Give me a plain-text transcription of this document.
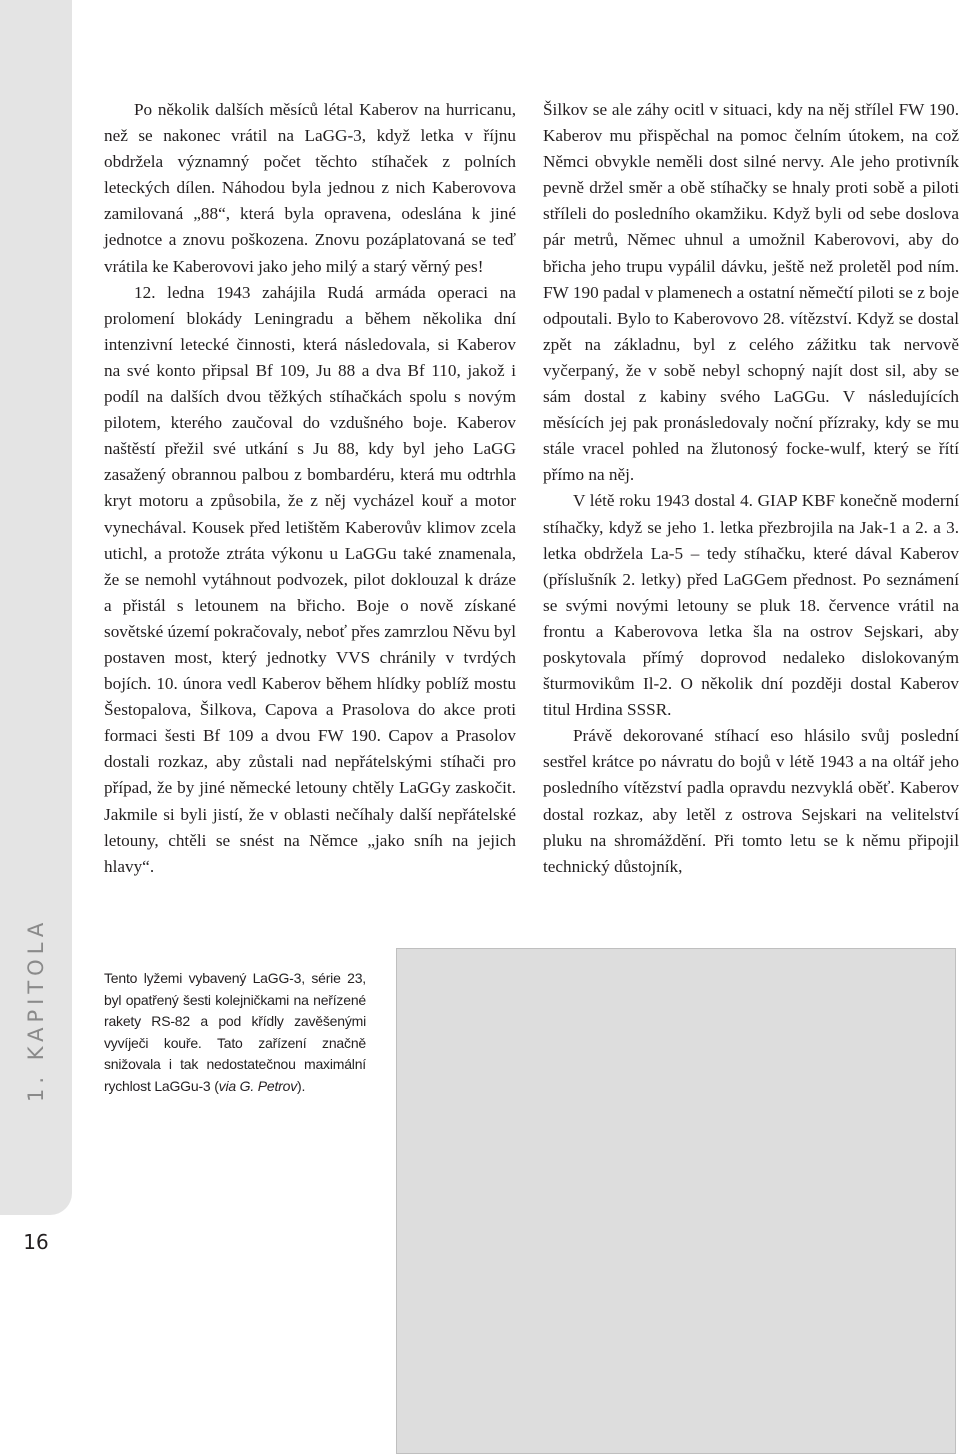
1. KAPITOLA
16

Po několik dalších měsíců létal Kaberov na hurricanu, než se nakonec vrátil na LaGG-3, když letka v říjnu obdržela významný počet těchto stíhaček z polních leteckých dílen. Náhodou byla jednou z nich Kaberovova zamilovaná „88“, která byla opravena, odeslána k jiné jednotce a znovu poškozena. Znovu pozáplatovaná se teď vrátila ke Kaberovovi jako jeho milý a starý věrný pes!

12. ledna 1943 zahájila Rudá armáda operaci na prolomení blokády Leningradu a během několika dní intenzivní letecké činnosti, která následovala, si Kaberov na své konto připsal Bf 109, Ju 88 a dva Bf 110, jakož i podíl na dalších dvou těžkých stíhačkách spolu s novým pilotem, kterého zaučoval do vzdušného boje. Kaberov naštěstí přežil své utkání s Ju 88, kdy byl jeho LaGG zasažený obrannou palbou z bombardéru, která mu odtrhla kryt motoru a způsobila, že z něj vycházel kouř a motor vynechával. Kousek před letištěm Kaberovův klimov zcela utichl, a protože ztráta výkonu u LaGGu také znamenala, že se nemohl vytáhnout podvozek, pilot doklouzal k dráze a přistál s letounem na břicho. Boje o nově získané sovětské území pokračovaly, neboť přes zamrzlou Něvu byl postaven most, který jednotky VVS chránily v tvrdých bojích. 10. února vedl Kaberov během hlídky poblíž mostu Šestopalova, Šilkova, Capova a Prasolova do akce proti formaci šesti Bf 109 a dvou FW 190. Capov a Prasolov dostali rozkaz, aby zůstali nad nepřátelskými stíhači pro případ, že by jiné německé letouny chtěly LaGGy zaskočit. Jakmile si byli jistí, že v oblasti nečíhaly další nepřátelské letouny, chtěli se snést na Němce „jako sníh na jejich hlavy“.

Šilkov se ale záhy ocitl v situaci, kdy na něj střílel FW 190. Kaberov mu přispěchal na pomoc čelním útokem, na což Němci obvykle neměli dost silné nervy. Ale jeho protivník pevně držel směr a obě stíhačky se hnaly proti sobě a piloti stříleli do posledního okamžiku. Když byli od sebe doslova pár metrů, Němec uhnul a umožnil Kaberovovi, aby do břicha jeho trupu vypálil dávku, ještě než proletěl pod ním. FW 190 padal v plamenech a ostatní němečtí piloti se z boje odpoutali. Bylo to Kaberovovo 28. vítězství. Když se dostal zpět na základnu, byl z celého zážitku tak nervově vyčerpaný, že v sobě nebyl schopný najít dost sil, aby se sám dostal z kabiny svého LaGGu. V následujících měsících jej pak pronásledovaly noční přízraky, kdy se mu stále vracel pohled na žlutonosý focke-wulf, který se řítí přímo na něj.

V létě roku 1943 dostal 4. GIAP KBF konečně moderní stíhačky, když se jeho 1. letka přezbrojila na Jak-1 a 2. a 3. letka obdržela La-5 – tedy stíhačku, které dával Kaberov (příslušník 2. letky) před LaGGem přednost. Po seznámení se svými novými letouny se pluk 18. července vrátil na frontu a Kaberovova letka šla na ostrov Sejskari, aby poskytovala přímý doprovod nedaleko dislokovaným šturmovikům Il-2. O několik dní později dostal Kaberov titul Hrdina SSSR.

Právě dekorované stíhací eso hlásilo svůj poslední sestřel krátce po návratu do bojů v létě 1943 a na oltář jeho posledního vítězství padla opravdu nezvyklá oběť. Kaberov dostal rozkaz, aby letěl z ostrova Sejskari na velitelství pluku na shromáždění. Při tomto letu se k němu připojil technický důstojník,

Tento lyžemi vybavený LaGG-3, série 23, byl opatřený šesti kolejničkami na neřízené rakety RS-82 a pod křídly zavěšenými vyvíječi kouře. Tato zařízení značně snižovala i tak nedostatečnou maximální rychlost LaGGu-3 (via G. Petrov).
